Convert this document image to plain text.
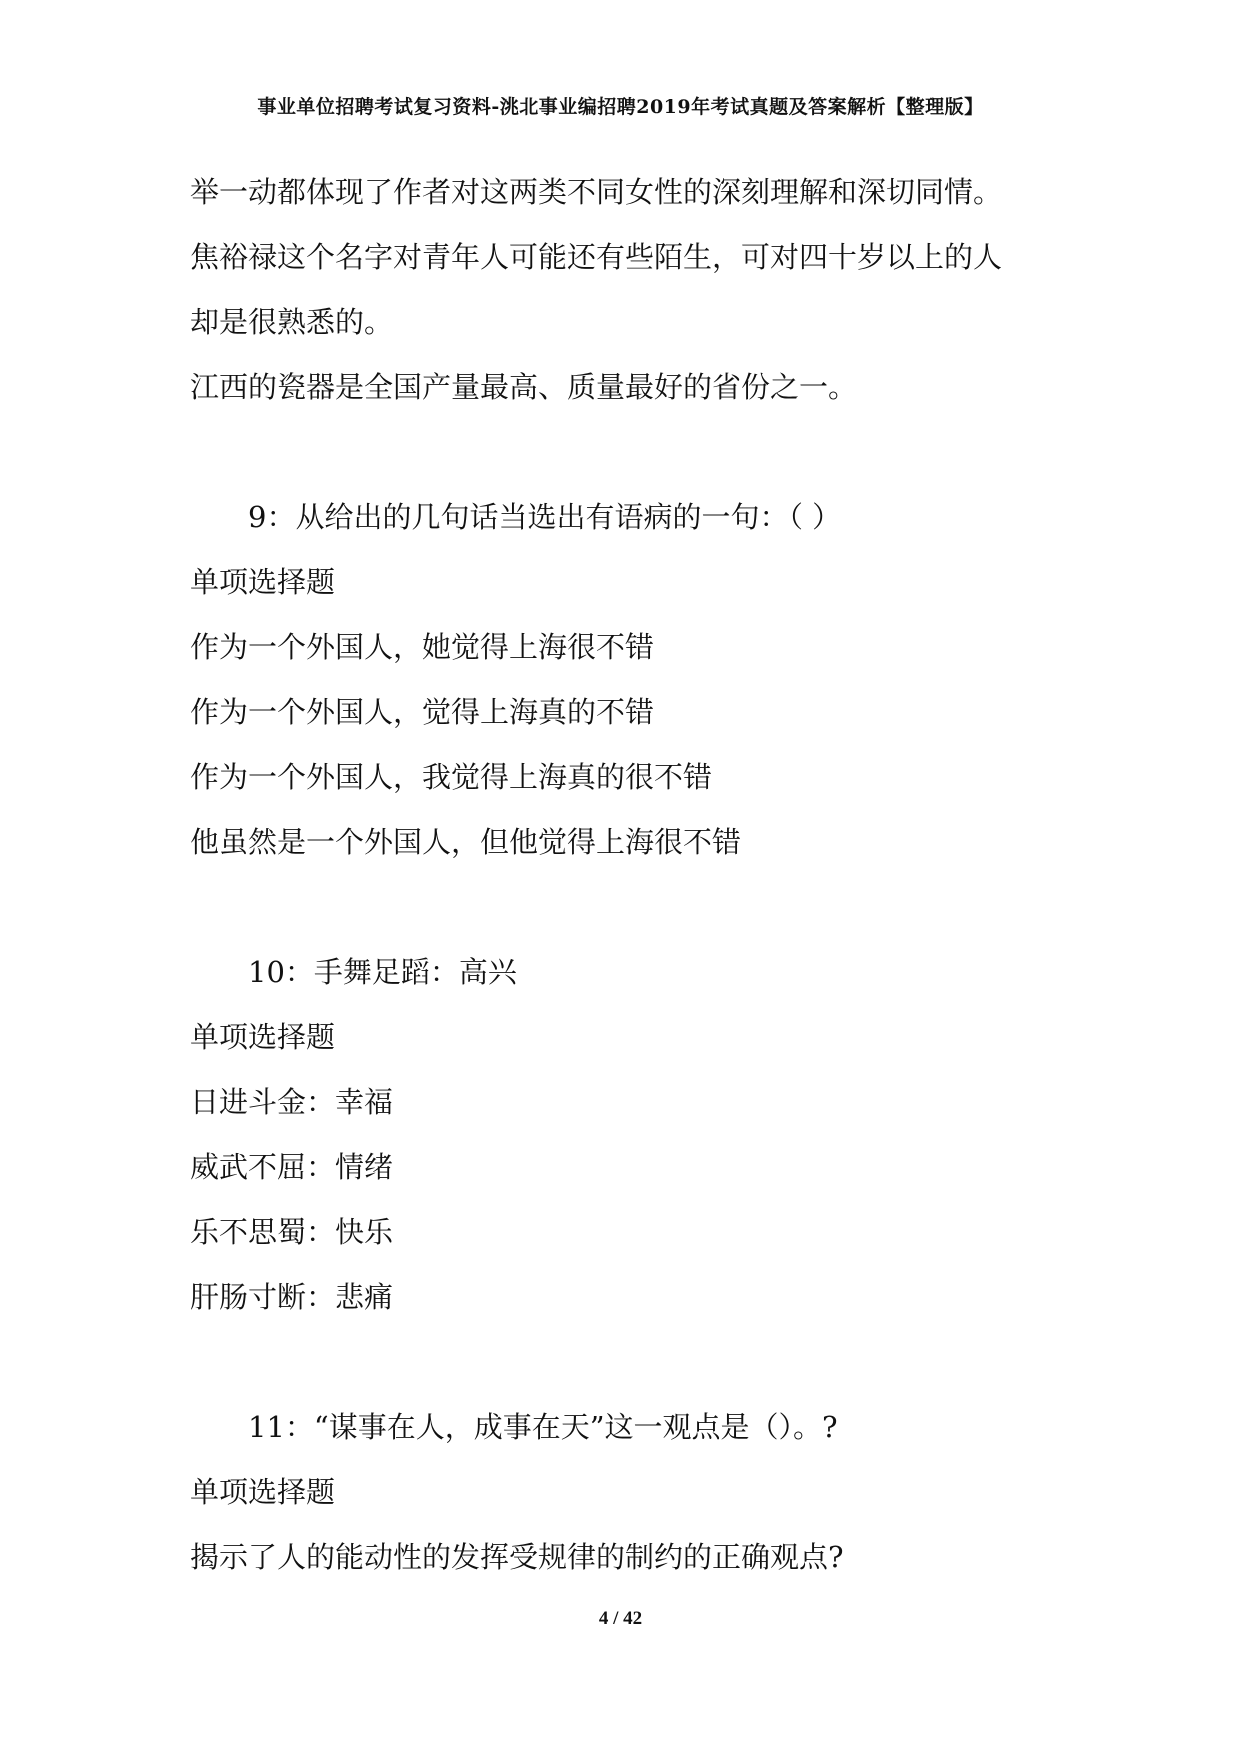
事业单位招聘考试复习资料-洮北事业编招聘2019年考试真题及答案解析【整理版】
举一动都体现了作者对这两类不同女性的深刻理解和深切同情。
焦裕禄这个名字对青年人可能还有些陌生，可对四十岁以上的人
却是很熟悉的。
江西的瓷器是全国产量最高、质量最好的省份之一。
9：从给出的几句话当选出有语病的一句：（ ）
单项选择题
作为一个外国人，她觉得上海很不错
作为一个外国人，觉得上海真的不错
作为一个外国人，我觉得上海真的很不错
他虽然是一个外国人，但他觉得上海很不错
10：手舞足蹈：高兴
单项选择题
日进斗金：幸福
威武不屈：情绪
乐不思蜀：快乐
肝肠寸断：悲痛
11：“谋事在人，成事在天”这一观点是（）。?
单项选择题
揭示了人的能动性的发挥受规律的制约的正确观点?
4 / 42
